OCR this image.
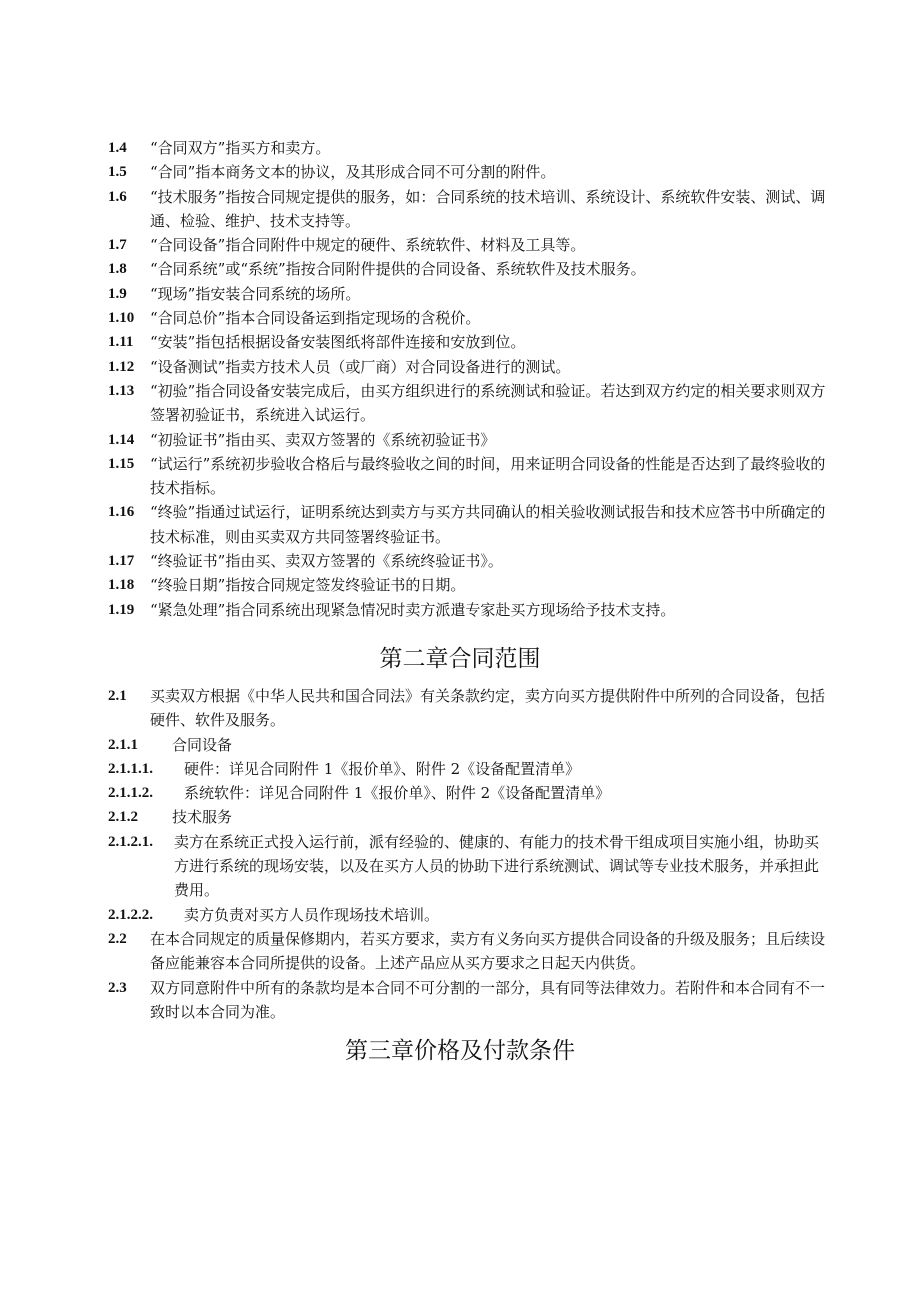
1.4 “合同双方”指买方和卖方。
1.5 “合同”指本商务文本的协议，及其形成合同不可分割的附件。
1.6 “技术服务”指按合同规定提供的服务，如：合同系统的技术培训、系统设计、系统软件安装、测试、调通、检验、维护、技术支持等。
1.7 “合同设备”指合同附件中规定的硬件、系统软件、材料及工具等。
1.8 “合同系统”或“系统”指按合同附件提供的合同设备、系统软件及技术服务。
1.9 “现场”指安装合同系统的场所。
1.10 “合同总价”指本合同设备运到指定现场的含税价。
1.11 “安装”指包括根据设备安装图纸将部件连接和安放到位。
1.12 “设备测试”指卖方技术人员（或厂商）对合同设备进行的测试。
1.13 “初验”指合同设备安装完成后，由买方组织进行的系统测试和验证。若达到双方约定的相关要求则双方签署初验证书，系统进入试运行。
1.14 “初验证书”指由买、卖双方签署的《系统初验证书》
1.15 “试运行”系统初步验收合格后与最终验收之间的时间，用来证明合同设备的性能是否达到了最终验收的技术指标。
1.16 “终验”指通过试运行，证明系统达到卖方与买方共同确认的相关验收测试报告和技术应答书中所确定的技术标准，则由买卖双方共同签署终验证书。
1.17 “终验证书”指由买、卖双方签署的《系统终验证书》。
1.18 “终验日期”指按合同规定签发终验证书的日期。
1.19 “紧急处理”指合同系统出现紧急情况时卖方派遣专家赴买方现场给予技术支持。
第二章合同范围
2.1 买卖双方根据《中华人民共和国合同法》有关条款约定，卖方向买方提供附件中所列的合同设备，包括硬件、软件及服务。
2.1.1 合同设备
2.1.1.1. 硬件：详见合同附件 1《报价单》、附件 2《设备配置清单》
2.1.1.2. 系统软件：详见合同附件 1《报价单》、附件 2《设备配置清单》
2.1.2 技术服务
2.1.2.1. 卖方在系统正式投入运行前，派有经验的、健康的、有能力的技术骨干组成项目实施小组，协助买方进行系统的现场安装，以及在买方人员的协助下进行系统测试、调试等专业技术服务，并承担此费用。
2.1.2.2. 卖方负责对买方人员作现场技术培训。
2.2 在本合同规定的质量保修期内，若买方要求，卖方有义务向买方提供合同设备的升级及服务；且后续设备应能兼容本合同所提供的设备。上述产品应从买方要求之日起天内供货。
2.3 双方同意附件中所有的条款均是本合同不可分割的一部分，具有同等法律效力。若附件和本合同有不一致时以本合同为准。
第三章价格及付款条件
